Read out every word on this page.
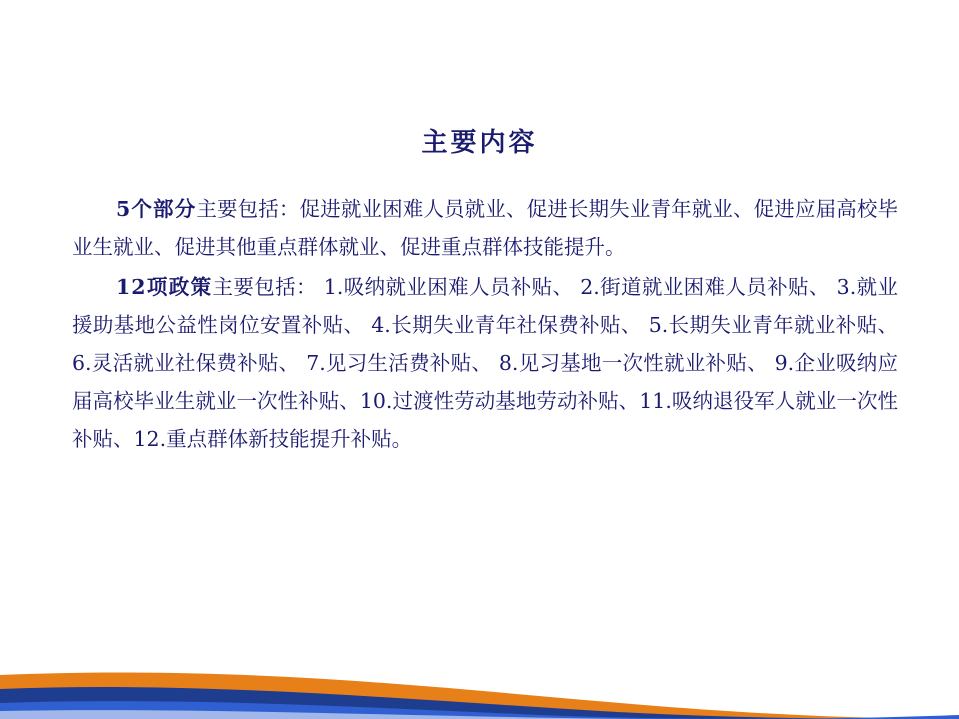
主要内容

5个部分主要包括：促进就业困难人员就业、促进长期失业青年就业、促进应届高校毕业生就业、促进其他重点群体就业、促进重点群体技能提升。

12项政策主要包括： 1.吸纳就业困难人员补贴、 2.街道就业困难人员补贴、 3.就业援助基地公益性岗位安置补贴、 4.长期失业青年社保费补贴、 5.长期失业青年就业补贴、 6.灵活就业社保费补贴、 7.见习生活费补贴、 8.见习基地一次性就业补贴、 9.企业吸纳应届高校毕业生就业一次性补贴、10.过渡性劳动基地劳动补贴、11.吸纳退役军人就业一次性补贴、12.重点群体新技能提升补贴。
